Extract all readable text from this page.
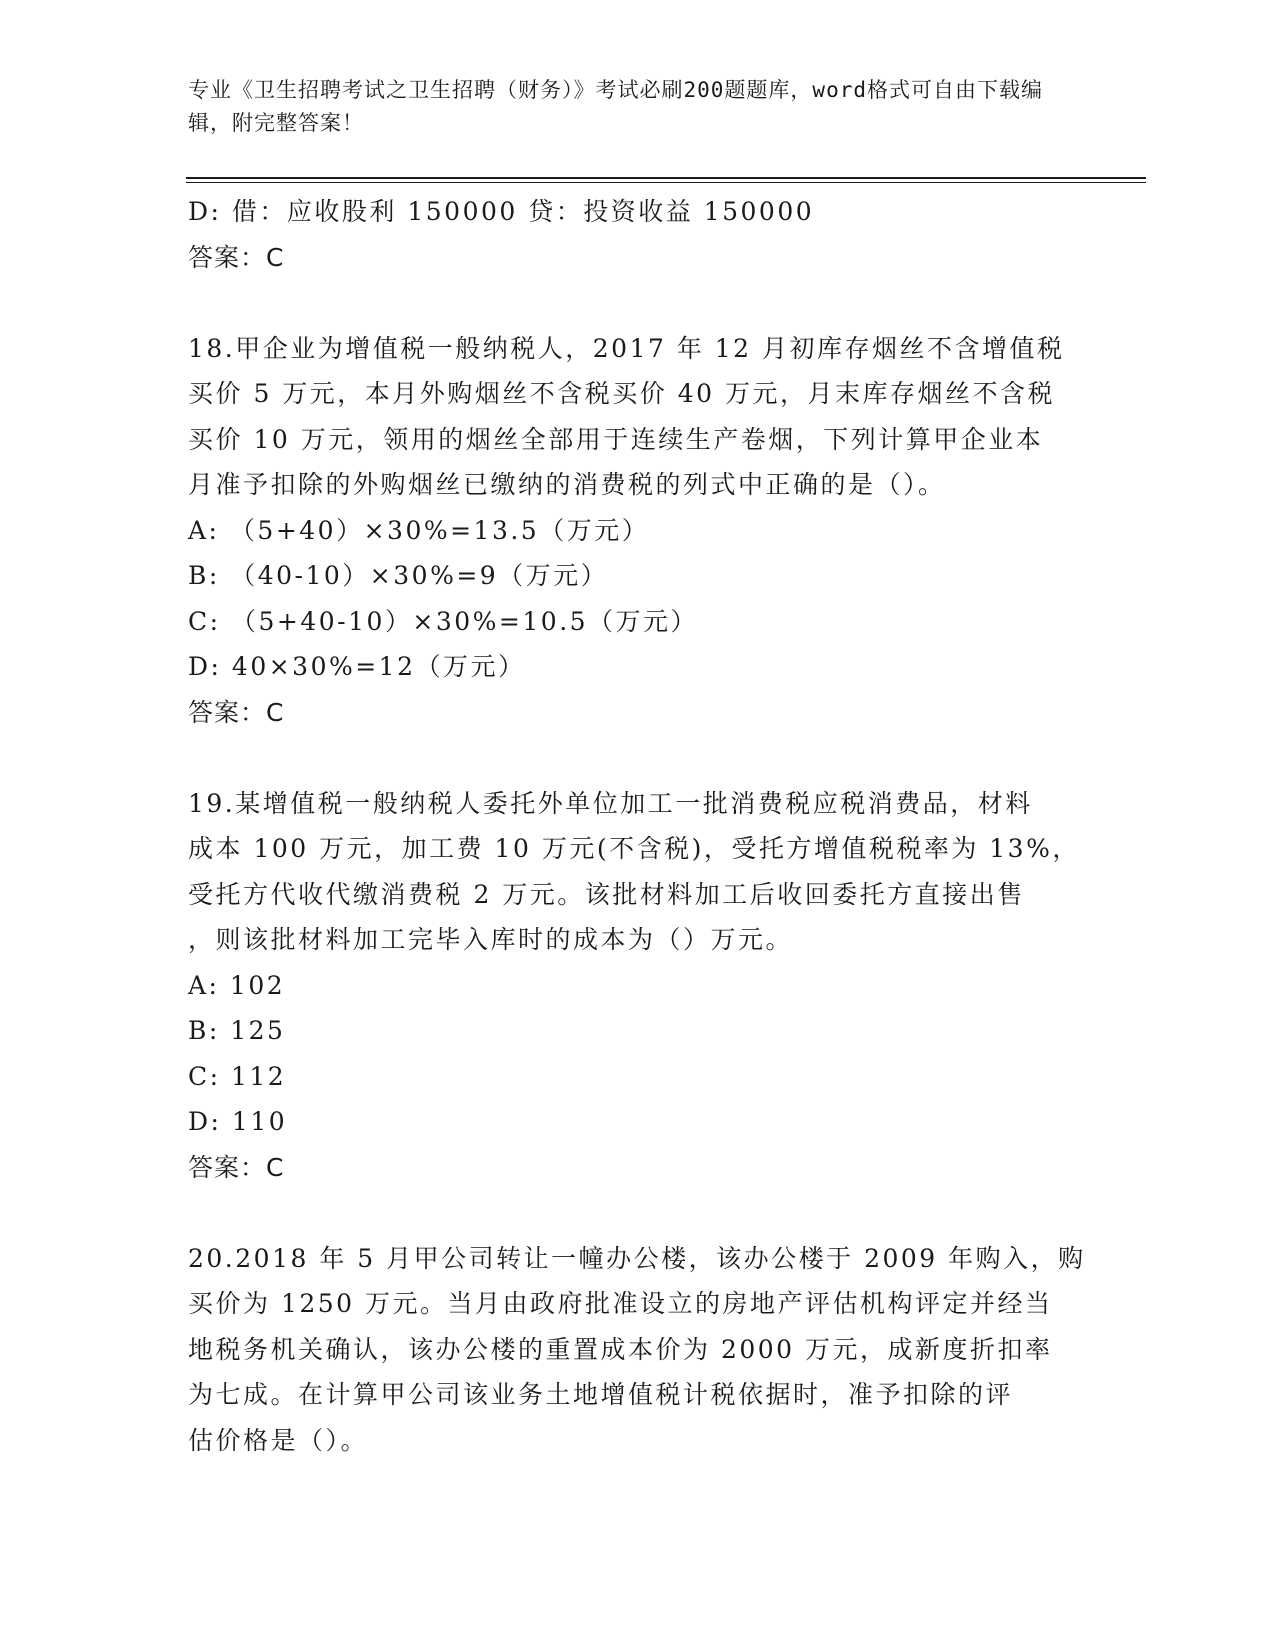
专业《卫生招聘考试之卫生招聘（财务）》考试必刷200题题库，word格式可自由下载编辑，附完整答案！
D: 借：应收股利 150000 贷：投资收益 150000
答案：C
18.甲企业为增值税一般纳税人，2017 年 12 月初库存烟丝不含增值税
买价 5 万元，本月外购烟丝不含税买价 40 万元，月末库存烟丝不含税
买价 10 万元，领用的烟丝全部用于连续生产卷烟，下列计算甲企业本
月准予扣除的外购烟丝已缴纳的消费税的列式中正确的是（）。
A: （5+40）×30%=13.5（万元）
B: （40-10）×30%=9（万元）
C: （5+40-10）×30%=10.5（万元）
D: 40×30%=12（万元）
答案：C
19.某增值税一般纳税人委托外单位加工一批消费税应税消费品，材料
成本 100 万元，加工费 10 万元(不含税)，受托方增值税税率为 13%，
受托方代收代缴消费税 2 万元。该批材料加工后收回委托方直接出售
，则该批材料加工完毕入库时的成本为（）万元。
A: 102
B: 125
C: 112
D: 110
答案：C
20.2018 年 5 月甲公司转让一幢办公楼，该办公楼于 2009 年购入，购
买价为 1250 万元。当月由政府批准设立的房地产评估机构评定并经当
地税务机关确认，该办公楼的重置成本价为 2000 万元，成新度折扣率
为七成。在计算甲公司该业务土地增值税计税依据时，准予扣除的评
估价格是（）。
